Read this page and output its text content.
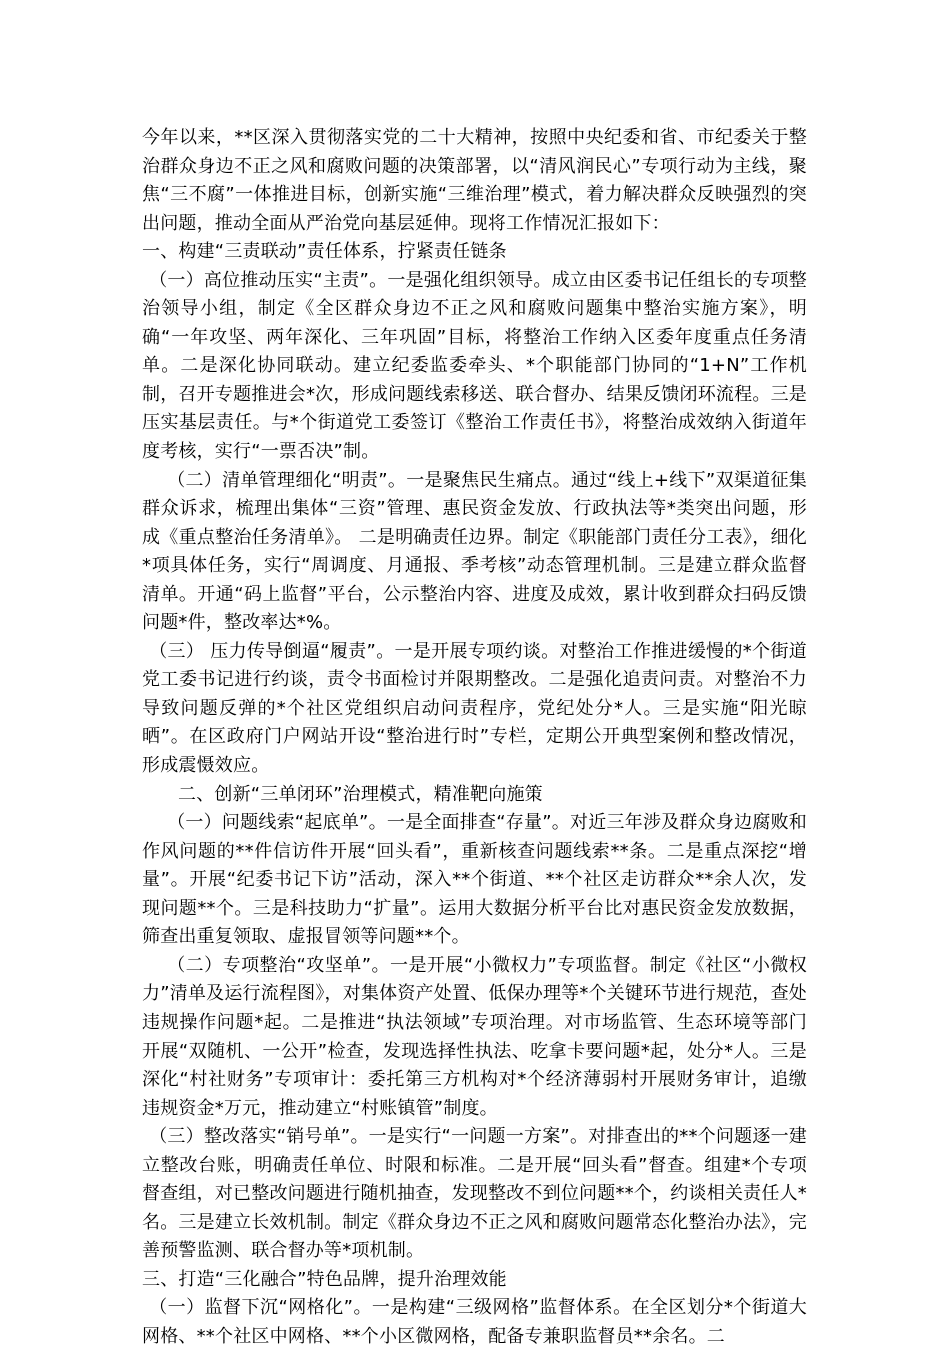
今年以来，**区深入贯彻落实党的二十大精神，按照中央纪委和省、市纪委关于整治群众身边不正之风和腐败问题的决策部署，以“清风润民心”专项行动为主线，聚焦“三不腐”一体推进目标，创新实施“三维治理”模式，着力解决群众反映强烈的突出问题，推动全面从严治党向基层延伸。现将工作情况汇报如下：

一、构建“三责联动”责任体系，拧紧责任链条

（一）高位推动压实“主责”。一是强化组织领导。成立由区委书记任组长的专项整治领导小组，制定《全区群众身边不正之风和腐败问题集中整治实施方案》，明确“一年攻坚、两年深化、三年巩固”目标，将整治工作纳入区委年度重点任务清单。二是深化协同联动。建立纪委监委牵头、*个职能部门协同的“1+N”工作机制，召开专题推进会*次，形成问题线索移送、联合督办、结果反馈闭环流程。三是压实基层责任。与*个街道党工委签订《整治工作责任书》，将整治成效纳入街道年度考核，实行“一票否决”制。

（二）清单管理细化“明责”。一是聚焦民生痛点。通过“线上+线下”双渠道征集群众诉求，梳理出集体“三资”管理、惠民资金发放、行政执法等*类突出问题，形成《重点整治任务清单》。 二是明确责任边界。制定《职能部门责任分工表》，细化*项具体任务，实行“周调度、月通报、季考核”动态管理机制。三是建立群众监督清单。开通“码上监督”平台，公示整治内容、进度及成效，累计收到群众扫码反馈问题*件，整改率达*%。

（三） 压力传导倒逼“履责”。一是开展专项约谈。对整治工作推进缓慢的*个街道党工委书记进行约谈，责令书面检讨并限期整改。二是强化追责问责。对整治不力导致问题反弹的*个社区党组织启动问责程序，党纪处分*人。三是实施“阳光晾晒”。在区政府门户网站开设“整治进行时”专栏，定期公开典型案例和整改情况，形成震慑效应。

二、创新“三单闭环”治理模式，精准靶向施策

（一）问题线索“起底单”。一是全面排查“存量”。对近三年涉及群众身边腐败和作风问题的**件信访件开展“回头看”，重新核查问题线索**条。二是重点深挖“增量”。开展“纪委书记下访”活动，深入**个街道、**个社区走访群众**余人次，发现问题**个。三是科技助力“扩量”。运用大数据分析平台比对惠民资金发放数据，筛查出重复领取、虚报冒领等问题**个。

（二）专项整治“攻坚单”。一是开展“小微权力”专项监督。制定《社区“小微权力”清单及运行流程图》，对集体资产处置、低保办理等*个关键环节进行规范，查处违规操作问题*起。二是推进“执法领域”专项治理。对市场监管、生态环境等部门开展“双随机、一公开”检查，发现选择性执法、吃拿卡要问题*起，处分*人。三是深化“村社财务”专项审计：委托第三方机构对*个经济薄弱村开展财务审计，追缴违规资金*万元，推动建立“村账镇管”制度。

（三）整改落实“销号单”。一是实行“一问题一方案”。对排查出的**个问题逐一建立整改台账，明确责任单位、时限和标准。二是开展“回头看”督查。组建*个专项督查组，对已整改问题进行随机抽查，发现整改不到位问题**个，约谈相关责任人*名。三是建立长效机制。制定《群众身边不正之风和腐败问题常态化整治办法》，完善预警监测、联合督办等*项机制。

三、打造“三化融合”特色品牌，提升治理效能

（一）监督下沉“网格化”。一是构建“三级网格”监督体系。在全区划分*个街道大网格、**个社区中网格、**个小区微网格，配备专兼职监督员**余名。二
